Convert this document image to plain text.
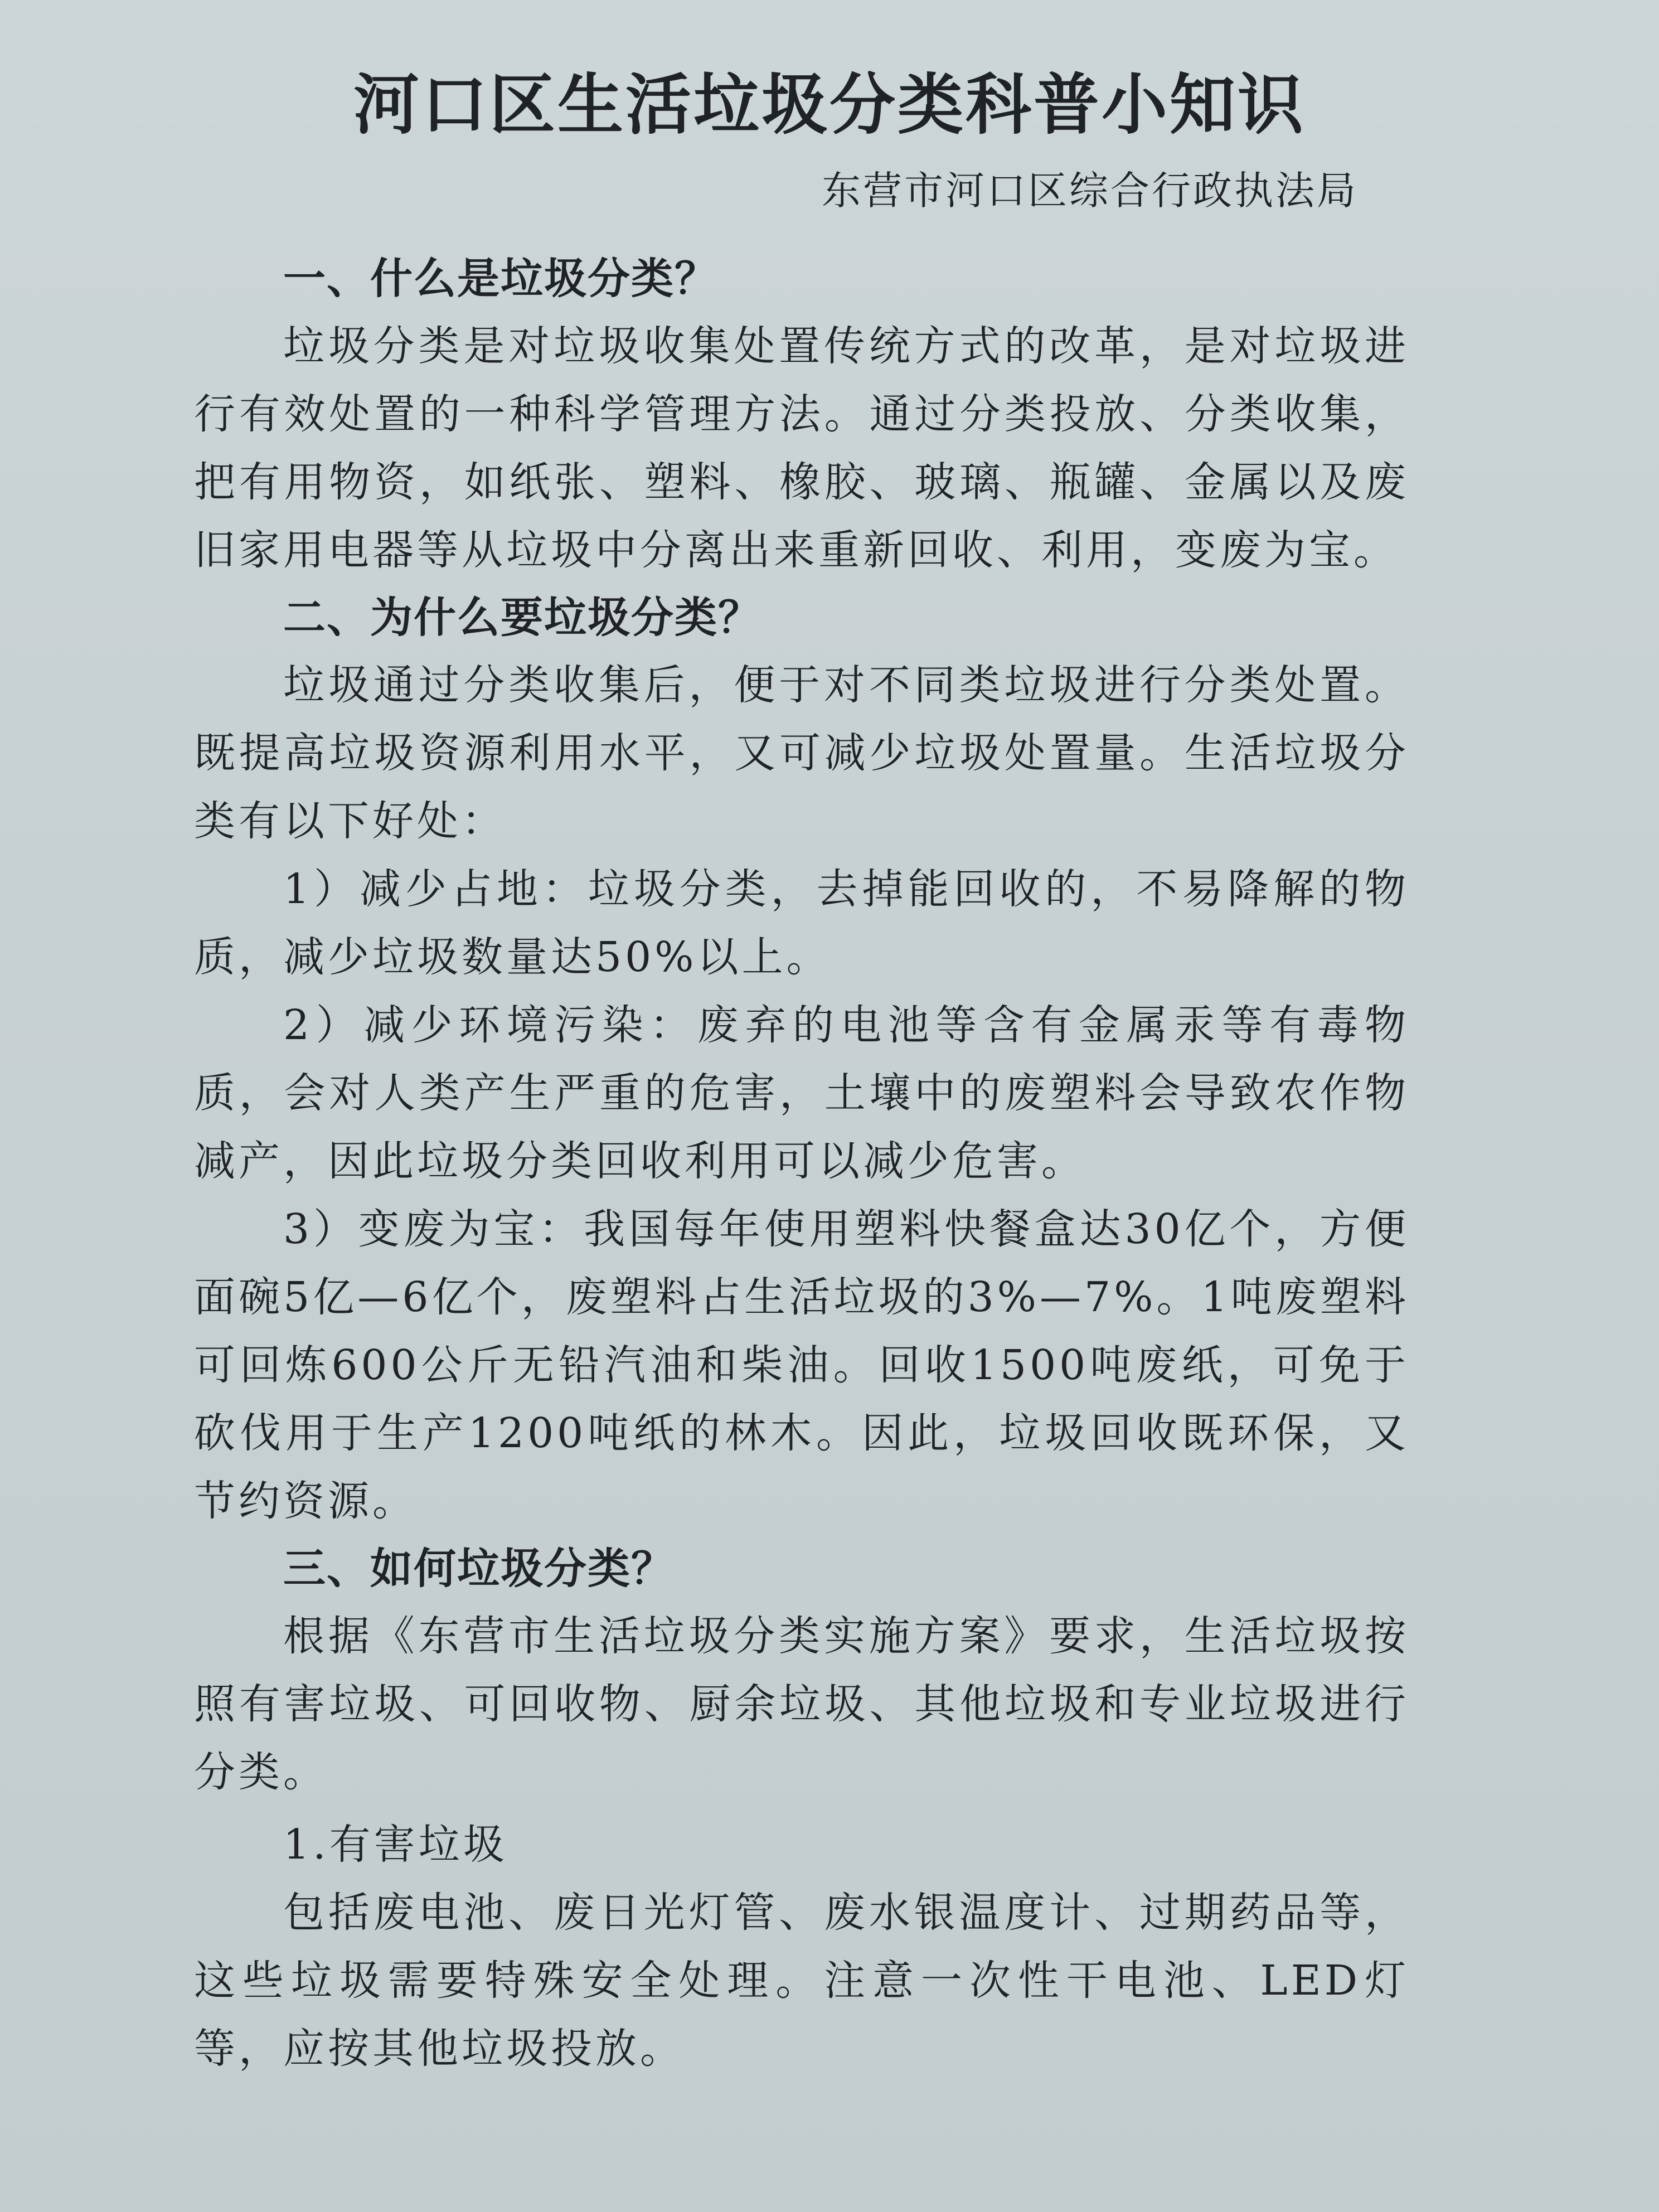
河口区生活垃圾分类科普小知识
东营市河口区综合行政执法局
一、什么是垃圾分类？

垃圾分类是对垃圾收集处置传统方式的改革，是对垃圾进行有效处置的一种科学管理方法。通过分类投放、分类收集，把有用物资，如纸张、塑料、橡胶、玻璃、瓶罐、金属以及废旧家用电器等从垃圾中分离出来重新回收、利用，变废为宝。

二、为什么要垃圾分类？

垃圾通过分类收集后，便于对不同类垃圾进行分类处置。既提高垃圾资源利用水平，又可减少垃圾处置量。生活垃圾分类有以下好处：

1）减少占地：垃圾分类，去掉能回收的，不易降解的物质，减少垃圾数量达50%以上。

2）减少环境污染：废弃的电池等含有金属汞等有毒物质，会对人类产生严重的危害，土壤中的废塑料会导致农作物减产，因此垃圾分类回收利用可以减少危害。

3）变废为宝：我国每年使用塑料快餐盒达30亿个，方便面碗5亿—6亿个，废塑料占生活垃圾的3%—7%。1吨废塑料可回炼600公斤无铅汽油和柴油。回收1500吨废纸，可免于砍伐用于生产1200吨纸的林木。因此，垃圾回收既环保，又节约资源。

三、如何垃圾分类？

根据《东营市生活垃圾分类实施方案》要求，生活垃圾按照有害垃圾、可回收物、厨余垃圾、其他垃圾和专业垃圾进行分类。

1.有害垃圾

包括废电池、废日光灯管、废水银温度计、过期药品等，这些垃圾需要特殊安全处理。注意一次性干电池、LED灯等，应按其他垃圾投放。
